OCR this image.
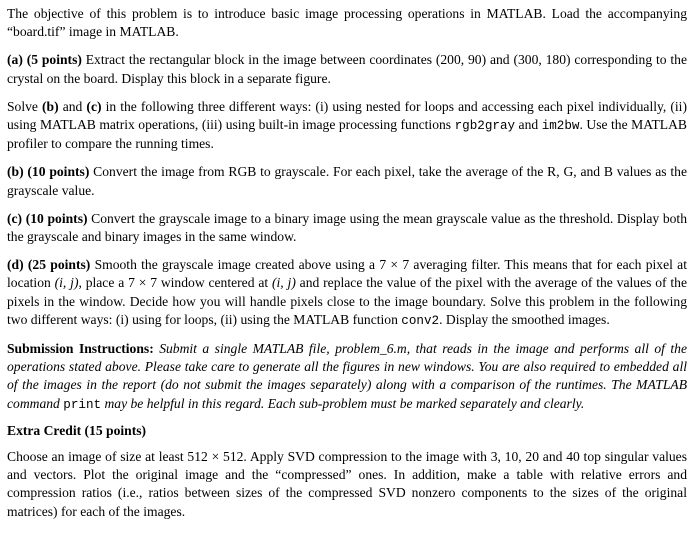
The objective of this problem is to introduce basic image processing operations in MATLAB. Load the accompanying “board.tif” image in MATLAB.

(a) (5 points) Extract the rectangular block in the image between coordinates (200, 90) and (300, 180) corresponding to the crystal on the board. Display this block in a separate figure.

Solve (b) and (c) in the following three different ways: (i) using nested for loops and accessing each pixel individually, (ii) using MATLAB matrix operations, (iii) using built-in image processing functions rgb2gray and im2bw. Use the MATLAB profiler to compare the running times.

(b) (10 points) Convert the image from RGB to grayscale. For each pixel, take the average of the R, G, and B values as the grayscale value.

(c) (10 points) Convert the grayscale image to a binary image using the mean grayscale value as the threshold. Display both the grayscale and binary images in the same window.

(d) (25 points) Smooth the grayscale image created above using a 7 × 7 averaging filter. This means that for each pixel at location (i, j), place a 7 × 7 window centered at (i, j) and replace the value of the pixel with the average of the values of the pixels in the window. Decide how you will handle pixels close to the image boundary. Solve this problem in the following two different ways: (i) using for loops, (ii) using the MATLAB function conv2. Display the smoothed images.

Submission Instructions: Submit a single MATLAB file, problem_6.m, that reads in the image and performs all of the operations stated above. Please take care to generate all the figures in new windows. You are also required to embedded all of the images in the report (do not submit the images separately) along with a comparison of the runtimes. The MATLAB command print may be helpful in this regard. Each sub-problem must be marked separately and clearly.

Extra Credit (15 points)

Choose an image of size at least 512 × 512. Apply SVD compression to the image with 3, 10, 20 and 40 top singular values and vectors. Plot the original image and the “compressed” ones. In addition, make a table with relative errors and compression ratios (i.e., ratios between sizes of the compressed SVD nonzero components to the sizes of the original matrices) for each of the images.
